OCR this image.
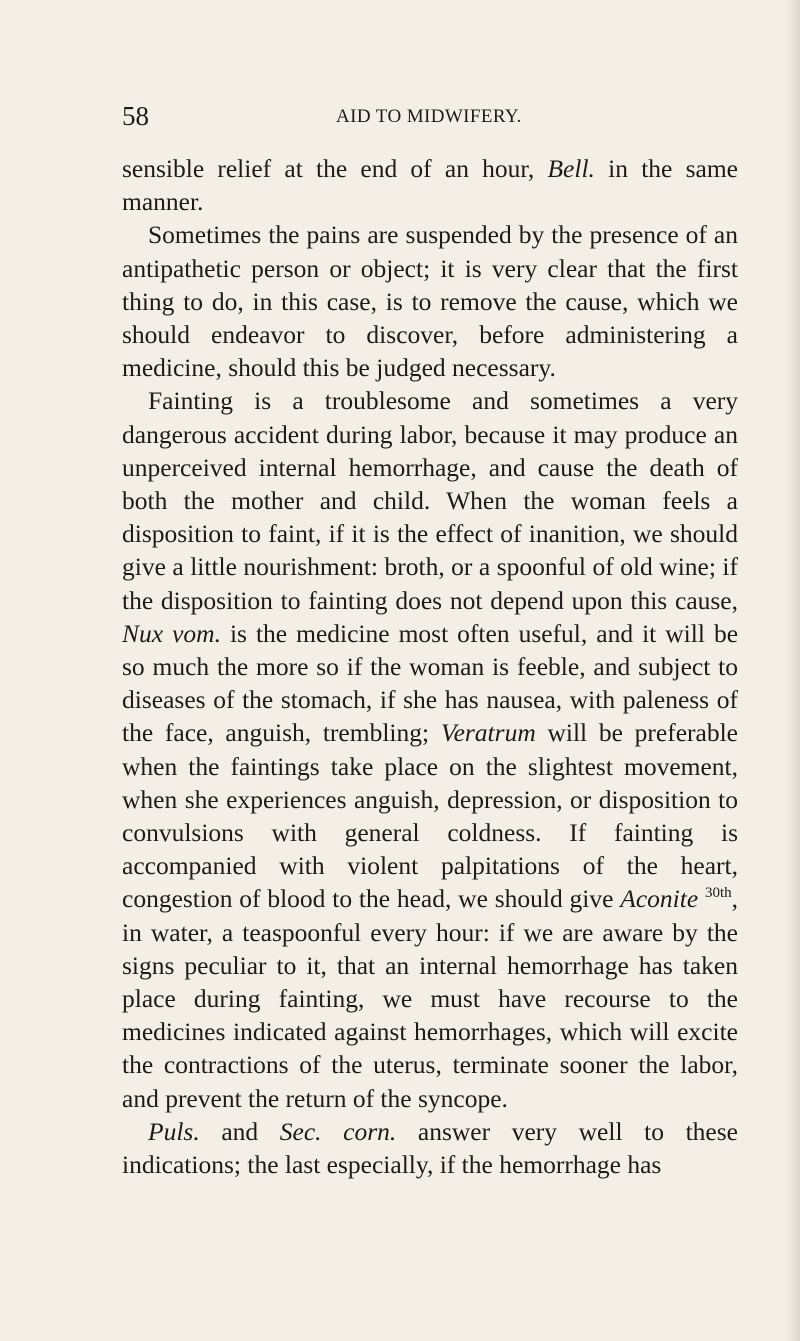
58	AID TO MIDWIFERY.

sensible relief at the end of an hour, Bell. in the same manner.

Sometimes the pains are suspended by the presence of an antipathetic person or object; it is very clear that the first thing to do, in this case, is to remove the cause, which we should endeavor to discover, before administering a medicine, should this be judged necessary.

Fainting is a troublesome and sometimes a very dangerous accident during labor, because it may produce an unperceived internal hemorrhage, and cause the death of both the mother and child. When the woman feels a disposition to faint, if it is the effect of inanition, we should give a little nourishment: broth, or a spoonful of old wine; if the disposition to fainting does not depend upon this cause, Nux vom. is the medicine most often useful, and it will be so much the more so if the woman is feeble, and subject to diseases of the stomach, if she has nausea, with paleness of the face, anguish, trembling; Veratrum will be preferable when the faintings take place on the slightest movement, when she experiences anguish, depression, or disposition to convulsions with general coldness. If fainting is accompanied with violent palpitations of the heart, congestion of blood to the head, we should give Aconite $^{30th}$, in water, a teaspoonful every hour: if we are aware by the signs peculiar to it, that an internal hemorrhage has taken place during fainting, we must have recourse to the medicines indicated against hemorrhages, which will excite the contractions of the uterus, terminate sooner the labor, and prevent the return of the syncope.

Puls. and Sec. corn. answer very well to these indications; the last especially, if the hemorrhage has
